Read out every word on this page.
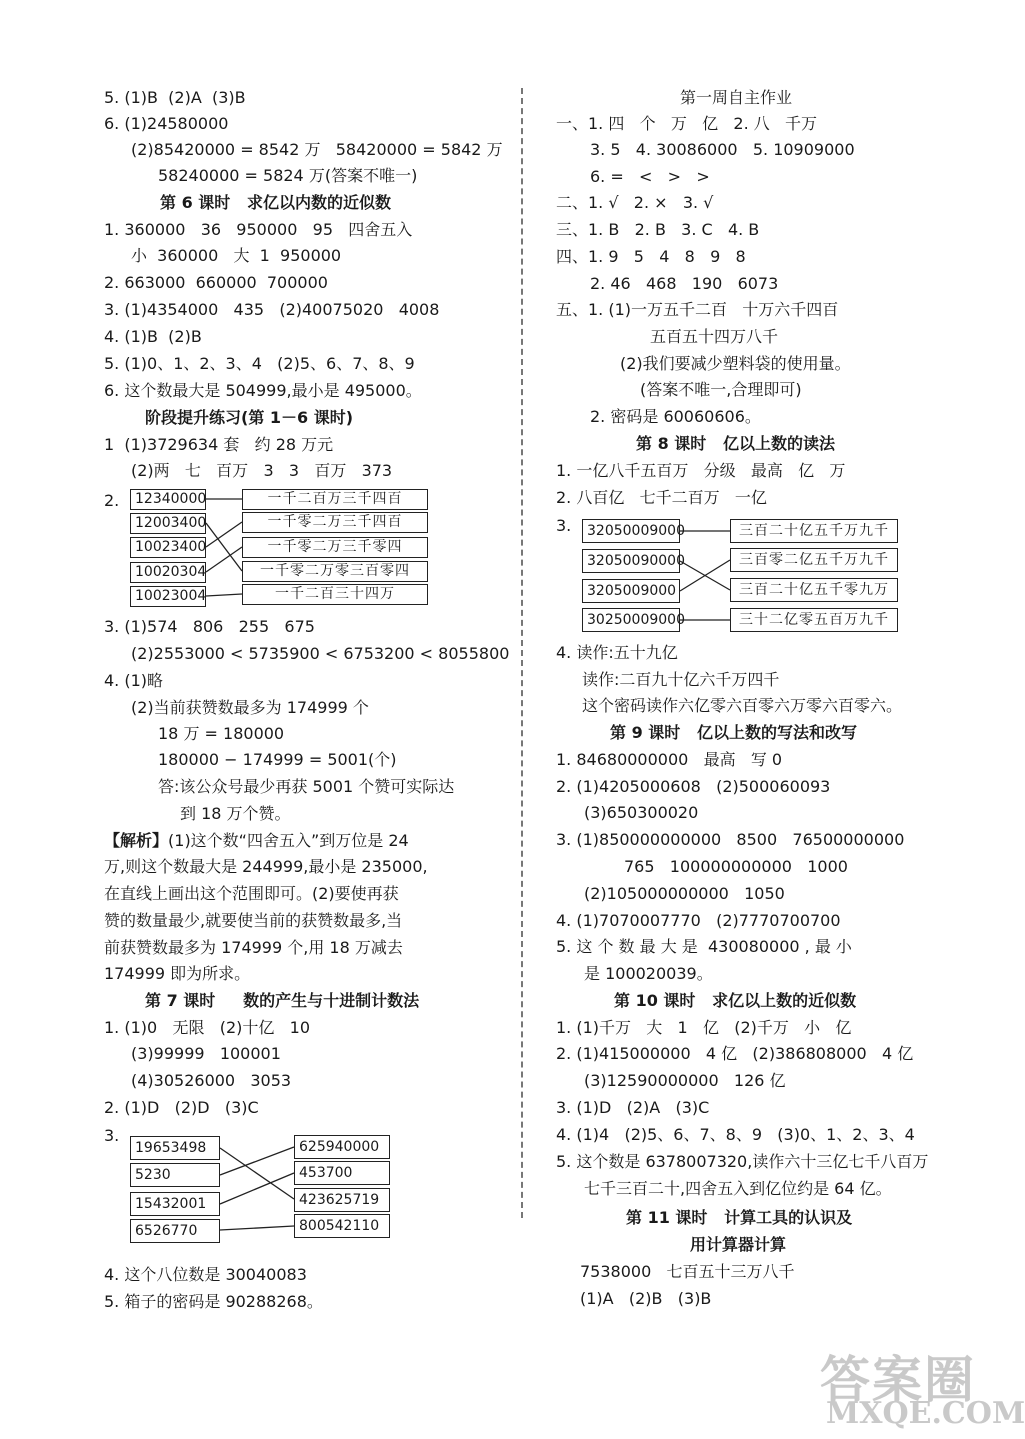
5. (1)B  (2)A  (3)B
6. (1)24580000
(2)85420000 = 8542 万   58420000 = 5842 万
58240000 = 5824 万(答案不唯一)
第 6 课时   求亿以内数的近似数
1. 360000   36   950000   95   四舍五入
小  360000   大  1  950000
2. 663000  660000  700000
3. (1)4354000   435   (2)40075020   4008
4. (1)B  (2)B
5. (1)0、1、2、3、4   (2)5、6、7、8、9
6. 这个数最大是 504999,最小是 495000。
阶段提升练习(第 1－6 课时)
1  (1)3729634 套   约 28 万元
(2)两   七   百万   3   3   百万   373
2.	12340000
12003400
10023400
10020304
10023004
一千二百万三千四百
一千零二万三千四百
一千零二万三千零四
一千零二万零三百零四
一千二百三十四万
3. (1)574   806   255   675
(2)2553000 < 5735900 < 6753200 < 8055800
4. (1)略
(2)当前获赞数最多为 174999 个
18 万 = 180000
180000 − 174999 = 5001(个)
答:该公众号最少再获 5001 个赞可实际达
到 18 万个赞。
【解析】(1)这个数“四舍五入”到万位是 24
万,则这个数最大是 244999,最小是 235000,
在直线上画出这个范围即可。(2)要使再获
赞的数量最少,就要使当前的获赞数最多,当
前获赞数最多为 174999 个,用 18 万减去
174999 即为所求。
第 7 课时     数的产生与十进制计数法
1. (1)0   无限   (2)十亿   10
(3)99999   100001
(4)30526000   3053
2. (1)D   (2)D   (3)C
3.
19653498
5230
15432001
6526770
625940000
453700
423625719
800542110
4. 这个八位数是 30040083
5. 箱子的密码是 90288268。
第一周自主作业
一、1. 四   个   万   亿   2. 八   千万
3. 5   4. 30086000   5. 10909000
6. =   <   >   >
二、1. √   2. ×   3. √
三、1. B   2. B   3. C   4. B
四、1. 9   5   4   8   9   8
2. 46   468   190   6073
五、1. (1)一万五千二百   十万六千四百
五百五十四万八千
(2)我们要减少塑料袋的使用量。
(答案不唯一,合理即可)
2. 密码是 60060606。
第 8 课时   亿以上数的读法
1. 一亿八千五百万   分级   最高   亿   万
2. 八百亿   七千二百万   一亿
3.	32050009000
32050090000
3205009000
30250009000
三百二十亿五千万九千
三百零二亿五千万九千
三百二十亿五千零九万
三十二亿零五百万九千
4. 读作:五十九亿
读作:二百九十亿六千万四千
这个密码读作六亿零六百零六万零六百零六。
第 9 课时   亿以上数的写法和改写
1. 84680000000   最高   写 0
2. (1)4205000608   (2)500060093
(3)650300020
3. (1)850000000000   8500   76500000000
765   100000000000   1000
(2)105000000000   1050
4. (1)7070007770   (2)7770700700
5. 这 个 数 最 大 是  430080000 , 最 小
是 100020039。
第 10 课时   求亿以上数的近似数
1. (1)千万   大   1   亿   (2)千万   小   亿
2. (1)415000000   4 亿   (2)386808000   4 亿
(3)12590000000   126 亿
3. (1)D   (2)A   (3)C
4. (1)4   (2)5、6、7、8、9   (3)0、1、2、3、4
5. 这个数是 6378007320,读作六十三亿七千八百万
七千三百二十,四舍五入到亿位约是 64 亿。
第 11 课时   计算工具的认识及
用计算器计算
7538000   七百五十三万八千
(1)A   (2)B   (3)B
答案圈
MXQE.COM
